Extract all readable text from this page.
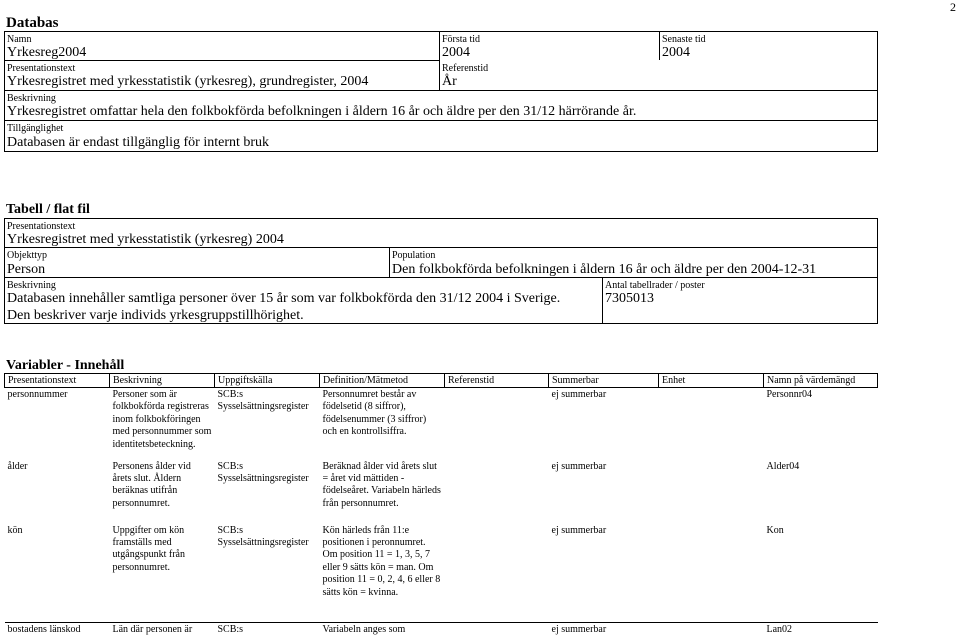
2
Databas
Namn
Yrkesreg2004
Första tid
2004
Senaste tid
2004
Presentationstext
Yrkesregistret med yrkesstatistik (yrkesreg), grundregister, 2004
Referenstid
År
Beskrivning
Yrkesregistret omfattar hela den folkbokförda befolkningen i åldern 16 år och äldre per den 31/12 härrörande år.
Tillgänglighet
Databasen är endast tillgänglig för internt bruk
Tabell / flat fil
Presentationstext
Yrkesregistret med yrkesstatistik (yrkesreg) 2004
Objekttyp
Person
Population
Den folkbokförda befolkningen i åldern 16 år och äldre per den 2004-12-31
Beskrivning
Databasen innehåller samtliga personer över 15 år som var folkbokförda den 31/12 2004 i Sverige.
Den beskriver varje individs yrkesgruppstillhörighet.
Antal tabellrader / poster
7305013
Variabler - Innehåll
Presentationstext	Beskrivning	Uppgiftskälla	Definition/Mätmetod	Referenstid	Summerbar	Enhet	Namn på värdemängd
personnummer	Personer som är folkbokförda registreras inom folkbokföringen med personnummer som identitetsbeteckning.	SCB:s Sysselsättningsregister	Personnumret består av födelsetid (8 siffror), födelsenummer (3 siffror) och en kontrollsiffra.		ej summerbar		Personnr04
ålder	Personens ålder vid årets slut. Åldern beräknas utifrån personnumret.	SCB:s Sysselsättningsregister	Beräknad ålder vid årets slut = året vid mättiden - födelseåret. Variabeln härleds från personnumret.		ej summerbar		Alder04
kön	Uppgifter om kön framställs med utgångspunkt från personnumret.	SCB:s Sysselsättningsregister	Kön härleds från 11:e positionen i peronnumret. Om position 11 = 1, 3, 5, 7 eller 9 sätts kön = man. Om position 11 = 0, 2, 4, 6 eller 8 sätts kön = kvinna.		ej summerbar		Kon
bostadens länskod	Län där personen är	SCB:s	Variabeln anges som		ej summerbar		Lan02
